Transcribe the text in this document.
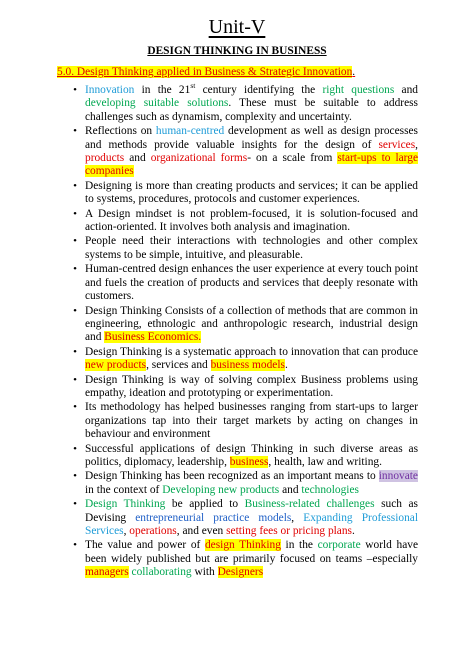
Unit-V
DESIGN THINKING IN BUSINESS
5.0. Design Thinking applied in Business & Strategic Innovation.
• Innovation in the 21st century identifying the right questions and developing suitable solutions. These must be suitable to address challenges such as dynamism, complexity and uncertainty.
• Reflections on human-centred development as well as design processes and methods provide valuable insights for the design of services, products and organizational forms- on a scale from start-ups to large companies
• Designing is more than creating products and services; it can be applied to systems, procedures, protocols and customer experiences.
• A Design mindset is not problem-focused, it is solution-focused and action-oriented. It involves both analysis and imagination.
• People need their interactions with technologies and other complex systems to be simple, intuitive, and pleasurable.
• Human-centred design enhances the user experience at every touch point and fuels the creation of products and services that deeply resonate with customers.
• Design Thinking Consists of a collection of methods that are common in engineering, ethnologic and anthropologic research, industrial design and Business Economics.
• Design Thinking is a systematic approach to innovation that can produce new products, services and business models.
• Design Thinking is way of solving complex Business problems using empathy, ideation and prototyping or experimentation.
• Its methodology has helped businesses ranging from start-ups to larger organizations tap into their target markets by acting on changes in behaviour and environment
• Successful applications of design Thinking in such diverse areas as politics, diplomacy, leadership, business, health, law and writing.
• Design Thinking has been recognized as an important means to innovate in the context of Developing new products and technologies
• Design Thinking be applied to Business-related challenges such as Devising entrepreneurial practice models, Expanding Professional Services, operations, and even setting fees or pricing plans.
• The value and power of design Thinking in the corporate world have been widely published but are primarily focused on teams –especially managers collaborating with Designers
